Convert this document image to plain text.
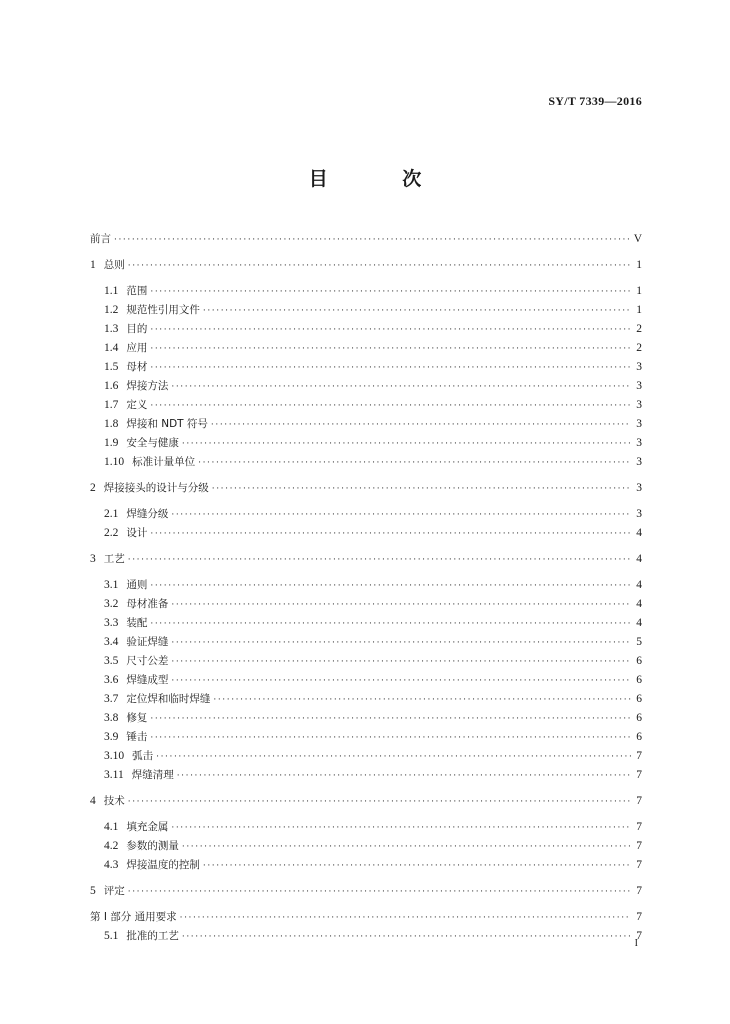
SY/T 7339—2016
目 次
前言 ·····	V
1 总则 ·····	1
1.1 范围 ·····	1
1.2 规范性引用文件 ·····	1
1.3 目的 ·····	2
1.4 应用 ·····	2
1.5 母材 ·····	3
1.6 焊接方法 ·····	3
1.7 定义 ·····	3
1.8 焊接和 NDT 符号 ·····	3
1.9 安全与健康 ·····	3
1.10 标准计量单位 ·····	3
2 焊接接头的设计与分级 ·····	3
2.1 焊缝分级 ·····	3
2.2 设计 ·····	4
3 工艺 ·····	4
3.1 通则 ·····	4
3.2 母材准备 ·····	4
3.3 装配 ·····	4
3.4 验证焊缝 ·····	5
3.5 尺寸公差 ·····	6
3.6 焊缝成型 ·····	6
3.7 定位焊和临时焊缝 ·····	6
3.8 修复 ·····	6
3.9 锤击 ·····	6
3.10 弧击 ·····	7
3.11 焊缝清理 ·····	7
4 技术 ·····	7
4.1 填充金属 ·····	7
4.2 参数的测量 ·····	7
4.3 焊接温度的控制 ·····	7
5 评定 ·····	7
第 I 部分 通用要求 ·····	7
5.1 批准的工艺 ·····	7
I
